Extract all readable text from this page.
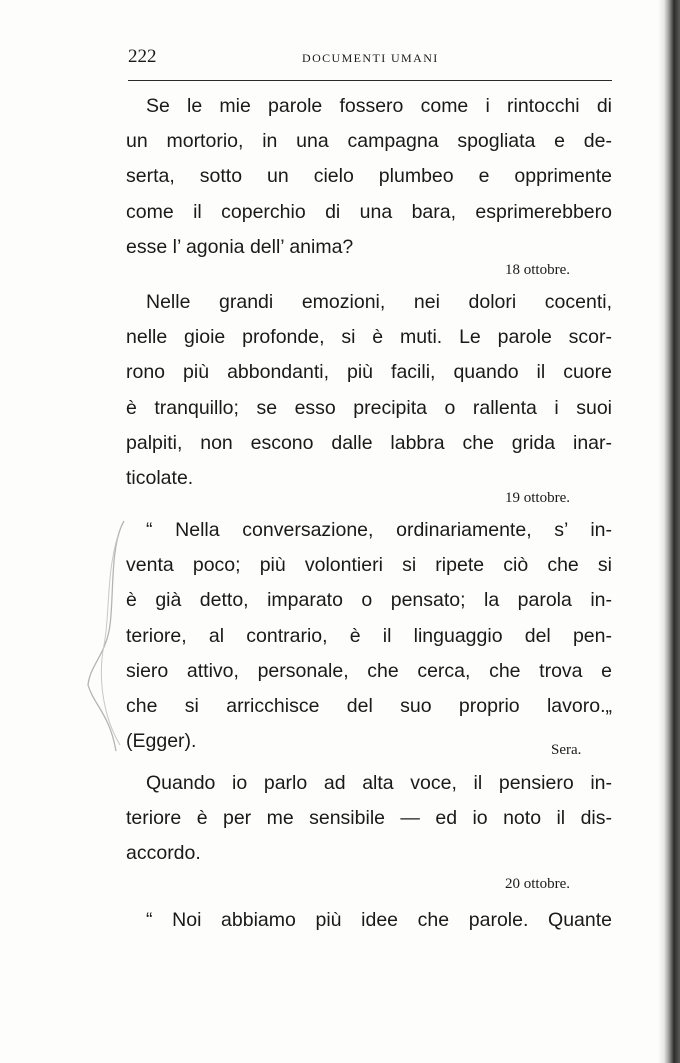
222	DOCUMENTI UMANI
Se le mie parole fossero come i rintocchi di
un mortorio, in una campagna spogliata e de-
serta, sotto un cielo plumbeo e opprimente
come il coperchio di una bara, esprimerebbero
esse l’ agonia dell’ anima?
18 ottobre.
Nelle grandi emozioni, nei dolori cocenti,
nelle gioie profonde, si è muti. Le parole scor-
rono più abbondanti, più facili, quando il cuore
è tranquillo; se esso precipita o rallenta i suoi
palpiti, non escono dalle labbra che grida inar-
ticolate.
19 ottobre.
“ Nella conversazione, ordinariamente, s’ in-
venta poco; più volontieri si ripete ciò che si
è già detto, imparato o pensato; la parola in-
teriore, al contrario, è il linguaggio del pen-
siero attivo, personale, che cerca, che trova e
che si arricchisce del suo proprio lavoro.„
(Egger).	Sera.
Quando io parlo ad alta voce, il pensiero in-
teriore è per me sensibile — ed io noto il dis-
accordo.
20 ottobre.
“ Noi abbiamo più idee che parole. Quante
